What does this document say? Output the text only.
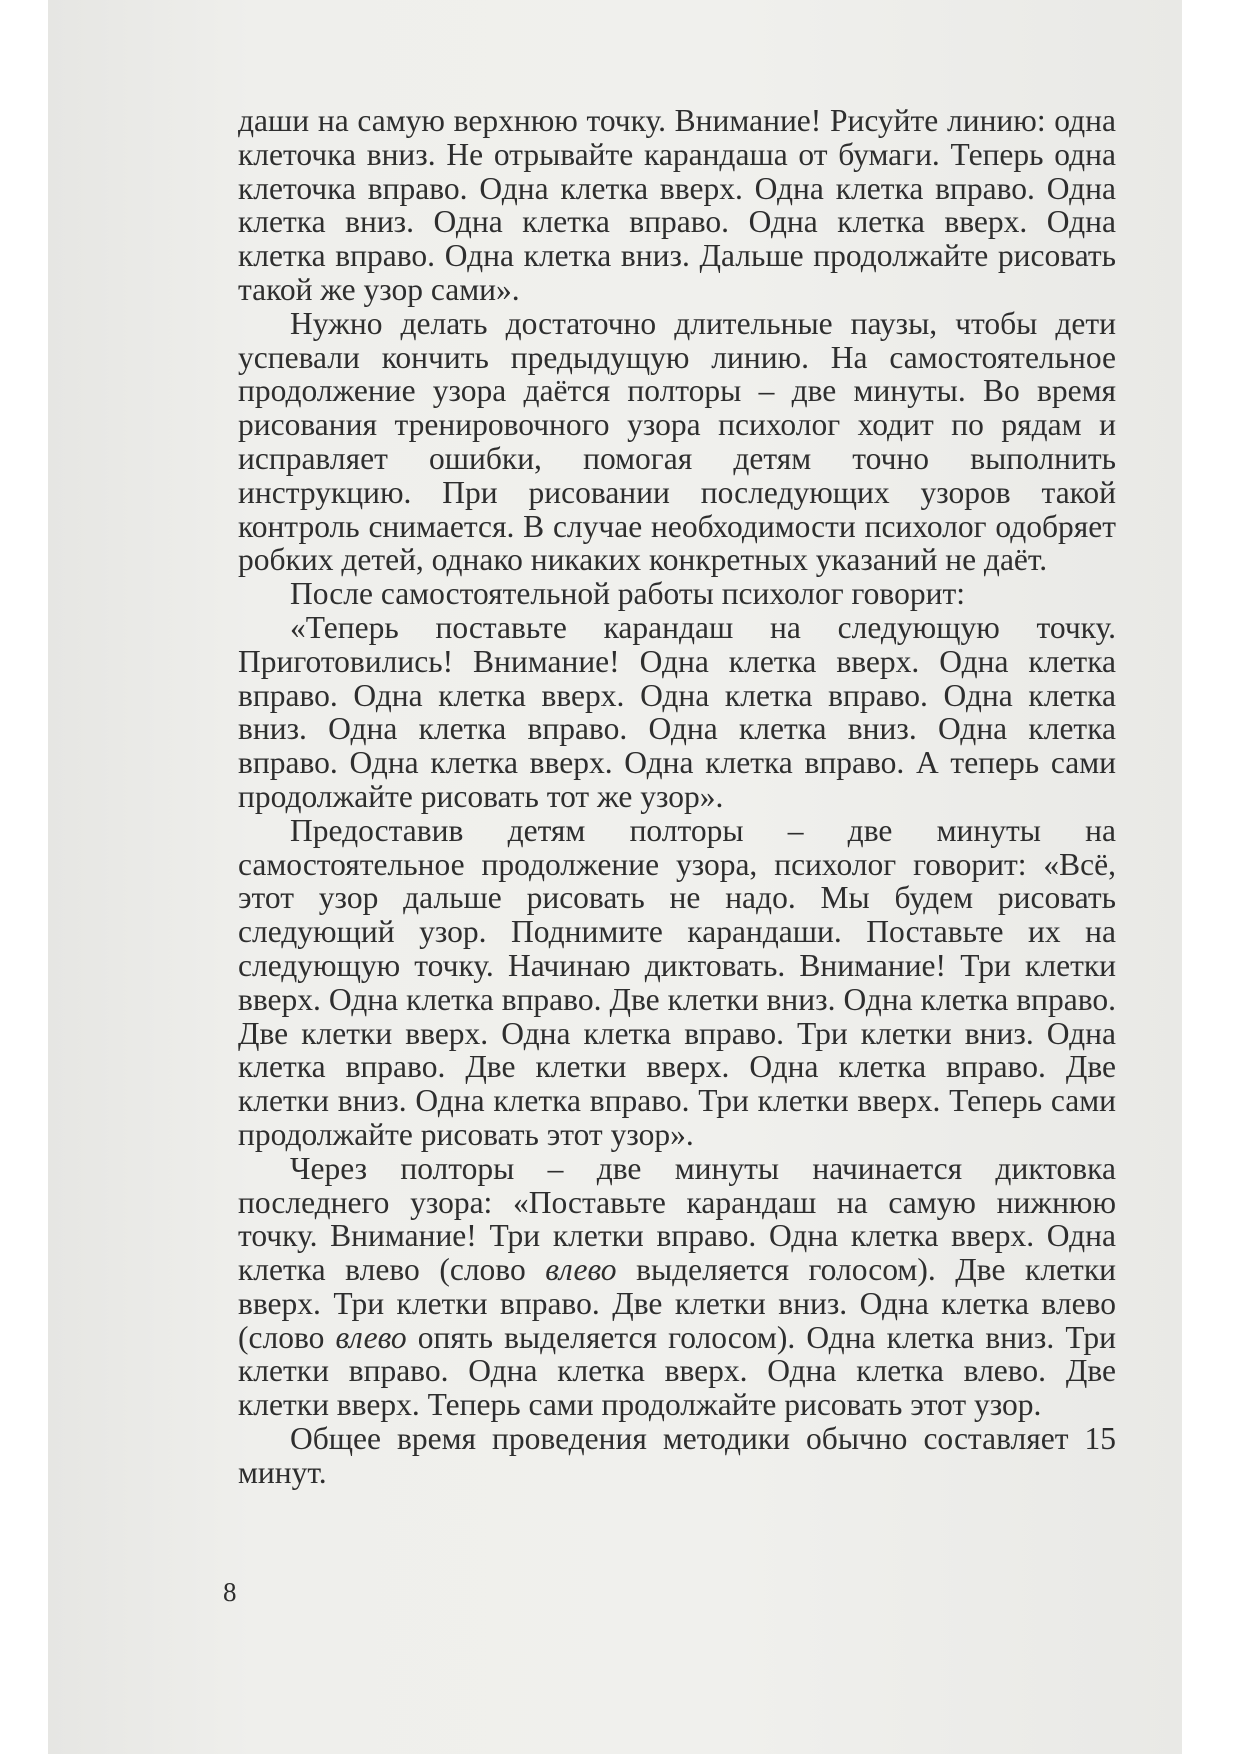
даши на самую верхнюю точку. Внимание! Рисуйте линию: одна клеточка вниз. Не отрывайте карандаша от бумаги. Теперь одна клеточка вправо. Одна клетка вверх. Одна клетка вправо. Одна клетка вниз. Одна клетка вправо. Одна клетка вверх. Одна клетка вправо. Одна клетка вниз. Дальше продолжайте рисовать такой же узор сами».

Нужно делать достаточно длительные паузы, чтобы дети успевали кончить предыдущую линию. На самостоятельное продолжение узора даётся полторы – две минуты. Во время рисования тренировочного узора психолог ходит по рядам и исправляет ошибки, помогая детям точно выполнить инструкцию. При рисовании последующих узоров такой контроль снимается. В случае необходимости психолог одобряет робких детей, однако никаких конкретных указаний не даёт.

После самостоятельной работы психолог говорит:

«Теперь поставьте карандаш на следующую точку. Приготовились! Внимание! Одна клетка вверх. Одна клетка вправо. Одна клетка вверх. Одна клетка вправо. Одна клетка вниз. Одна клетка вправо. Одна клетка вниз. Одна клетка вправо. Одна клетка вверх. Одна клетка вправо. А теперь сами продолжайте рисовать тот же узор».

Предоставив детям полторы – две минуты на самостоятельное продолжение узора, психолог говорит: «Всё, этот узор дальше рисовать не надо. Мы будем рисовать следующий узор. Поднимите карандаши. Поставьте их на следующую точку. Начинаю диктовать. Внимание! Три клетки вверх. Одна клетка вправо. Две клетки вниз. Одна клетка вправо. Две клетки вверх. Одна клетка вправо. Три клетки вниз. Одна клетка вправо. Две клетки вверх. Одна клетка вправо. Две клетки вниз. Одна клетка вправо. Три клетки вверх. Теперь сами продолжайте рисовать этот узор».

Через полторы – две минуты начинается диктовка последнего узора: «Поставьте карандаш на самую нижнюю точку. Внимание! Три клетки вправо. Одна клетка вверх. Одна клетка влево (слово влево выделяется голосом). Две клетки вверх. Три клетки вправо. Две клетки вниз. Одна клетка влево (слово влево опять выделяется голосом). Одна клетка вниз. Три клетки вправо. Одна клетка вверх. Одна клетка влево. Две клетки вверх. Теперь сами продолжайте рисовать этот узор.

Общее время проведения методики обычно составляет 15 минут.

8
